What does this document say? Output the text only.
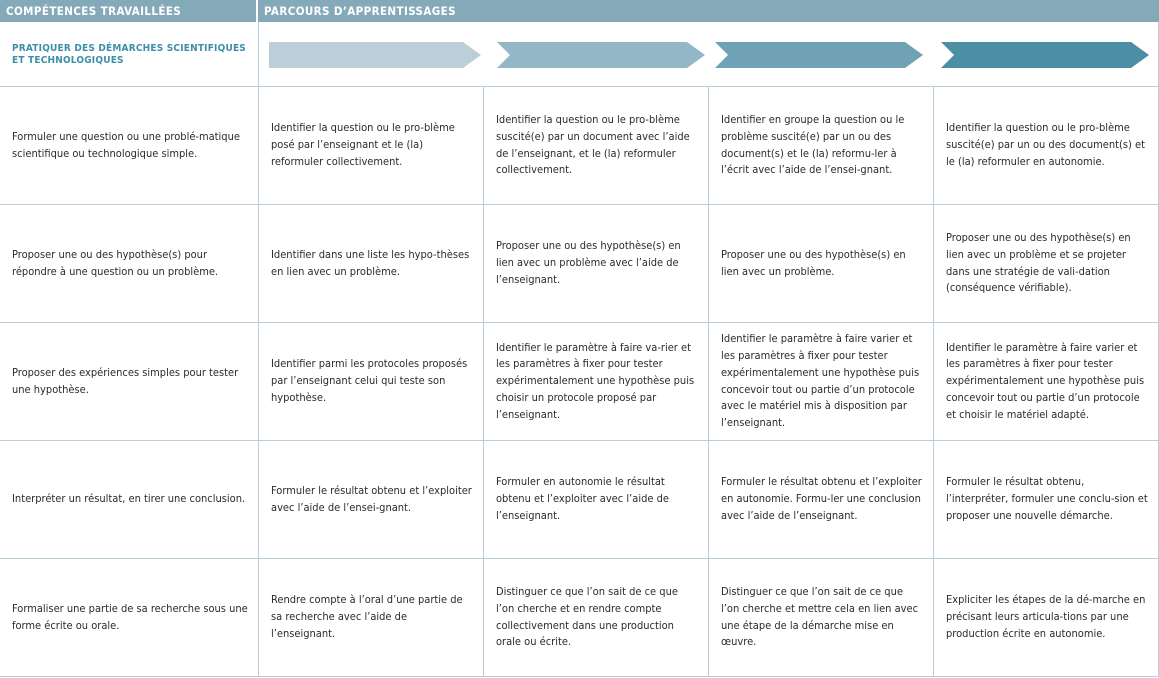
COMPÉTENCES TRAVAILLÉES	PARCOURS D’APPRENTISSAGES
PRATIQUER DES DÉMARCHES SCIENTIFIQUES ET TECHNOLOGIQUES
Formuler une question ou une problé-matique scientifique ou technologique simple.
Identifier la question ou le pro-blème posé par l’enseignant et le (la) reformuler collectivement.
Identifier la question ou le pro-blème suscité(e) par un document avec l’aide de l’enseignant, et le (la) reformuler collectivement.
Identifier en groupe la question ou le problème suscité(e) par un ou des document(s) et le (la) reformu-ler à l’écrit avec l’aide de l’ensei-gnant.
Identifier la question ou le pro-blème suscité(e) par un ou des document(s) et le (la) reformuler en autonomie.
Proposer une ou des hypothèse(s) pour répondre à une question ou un problème.
Identifier dans une liste les hypo-thèses en lien avec un problème.
Proposer une ou des hypothèse(s) en lien avec un problème avec l’aide de l’enseignant.
Proposer une ou des hypothèse(s) en lien avec un problème.
Proposer une ou des hypothèse(s) en lien avec un problème et se projeter dans une stratégie de vali-dation (conséquence vérifiable).
Proposer des expériences simples pour tester une hypothèse.
Identifier parmi les protocoles proposés par l’enseignant celui qui teste son hypothèse.
Identifier le paramètre à faire va-rier et les paramètres à fixer pour tester expérimentalement une hypothèse puis choisir un protocole proposé par l’enseignant.
Identifier le paramètre à faire varier et les paramètres à fixer pour tester expérimentalement une hypothèse puis concevoir tout ou partie d’un protocole avec le matériel mis à disposition par l’enseignant.
Identifier le paramètre à faire varier et les paramètres à fixer pour tester expérimentalement une hypothèse puis concevoir tout ou partie d’un protocole et choisir le matériel adapté.
Interpréter un résultat, en tirer une conclusion.
Formuler le résultat obtenu et l’exploiter avec l’aide de l’ensei-gnant.
Formuler en autonomie le résultat obtenu et l’exploiter avec l’aide de l’enseignant.
Formuler le résultat obtenu et l’exploiter en autonomie. Formu-ler une conclusion avec l’aide de l’enseignant.
Formuler le résultat obtenu, l’interpréter, formuler une conclu-sion et proposer une nouvelle démarche.
Formaliser une partie de sa recherche sous une forme écrite ou orale.
Rendre compte à l’oral d’une partie de sa recherche avec l’aide de l’enseignant.
Distinguer ce que l’on sait de ce que l’on cherche et en rendre compte collectivement dans une production orale ou écrite.
Distinguer ce que l’on sait de ce que l’on cherche et mettre cela en lien avec une étape de la démarche mise en œuvre.
Expliciter les étapes de la dé-marche en précisant leurs articula-tions par une production écrite en autonomie.
